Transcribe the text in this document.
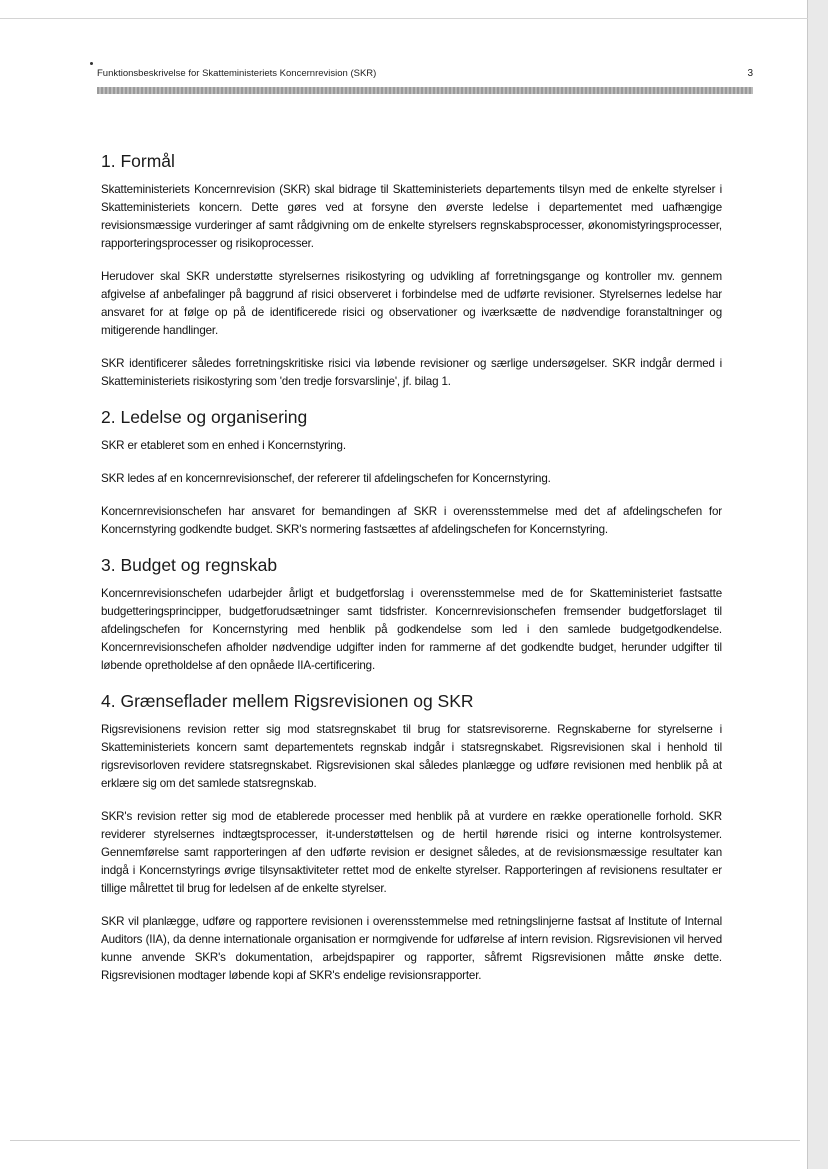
Funktionsbeskrivelse for Skatteministeriets Koncernrevision (SKR)	3
1. Formål

Skatteministeriets Koncernrevision (SKR) skal bidrage til Skatteministeriets departements tilsyn med de enkelte styrelser i Skatteministeriets koncern. Dette gøres ved at forsyne den øverste ledelse i departementet med uafhængige revisionsmæssige vurderinger af samt rådgivning om de enkelte styrelsers regnskabsprocesser, økonomistyringsprocesser, rapporteringsprocesser og risikoprocesser.

Herudover skal SKR understøtte styrelsernes risikostyring og udvikling af forretningsgange og kontroller mv. gennem afgivelse af anbefalinger på baggrund af risici observeret i forbindelse med de udførte revisioner. Styrelsernes ledelse har ansvaret for at følge op på de identificerede risici og observationer og iværksætte de nødvendige foranstaltninger og mitigerende handlinger.

SKR identificerer således forretningskritiske risici via løbende revisioner og særlige undersøgelser. SKR indgår dermed i Skatteministeriets risikostyring som 'den tredje forsvarslinje', jf. bilag 1.

2. Ledelse og organisering

SKR er etableret som en enhed i Koncernstyring.

SKR ledes af en koncernrevisionschef, der refererer til afdelingschefen for Koncernstyring.

Koncernrevisionschefen har ansvaret for bemandingen af SKR i overensstemmelse med det af afdelingschefen for Koncernstyring godkendte budget. SKR's normering fastsættes af afdelingschefen for Koncernstyring.

3. Budget og regnskab

Koncernrevisionschefen udarbejder årligt et budgetforslag i overensstemmelse med de for Skatteministeriet fastsatte budgetteringsprincipper, budgetforudsætninger samt tidsfrister. Koncernrevisionschefen fremsender budgetforslaget til afdelingschefen for Koncernstyring med henblik på godkendelse som led i den samlede budgetgodkendelse. Koncernrevisionschefen afholder nødvendige udgifter inden for rammerne af det godkendte budget, herunder udgifter til løbende opretholdelse af den opnåede IIA-certificering.

4. Grænseflader mellem Rigsrevisionen og SKR

Rigsrevisionens revision retter sig mod statsregnskabet til brug for statsrevisorerne. Regnskaberne for styrelserne i Skatteministeriets koncern samt departementets regnskab indgår i statsregnskabet. Rigsrevisionen skal i henhold til rigsrevisorloven revidere statsregnskabet. Rigsrevisionen skal således planlægge og udføre revisionen med henblik på at erklære sig om det samlede statsregnskab.

SKR's revision retter sig mod de etablerede processer med henblik på at vurdere en række operationelle forhold. SKR reviderer styrelsernes indtægtsprocesser, it-understøttelsen og de hertil hørende risici og interne kontrolsystemer. Gennemførelse samt rapporteringen af den udførte revision er designet således, at de revisionsmæssige resultater kan indgå i Koncernstyrings øvrige tilsynsaktiviteter rettet mod de enkelte styrelser. Rapporteringen af revisionens resultater er tillige målrettet til brug for ledelsen af de enkelte styrelser.

SKR vil planlægge, udføre og rapportere revisionen i overensstemmelse med retningslinjerne fastsat af Institute of Internal Auditors (IIA), da denne internationale organisation er normgivende for udførelse af intern revision. Rigsrevisionen vil herved kunne anvende SKR's dokumentation, arbejdspapirer og rapporter, såfremt Rigsrevisionen måtte ønske dette. Rigsrevisionen modtager løbende kopi af SKR's endelige revisionsrapporter.
